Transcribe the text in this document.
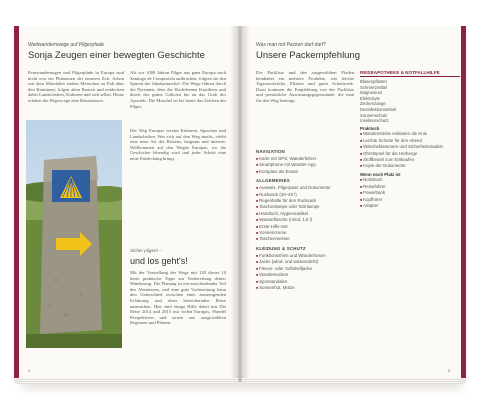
Weitwandernwege auf Pilgerpfade
Sonja Zeugen einer bewegten Geschichte
Fernwanderungen und Pilgerpfade in Europa sind nicht erst ein Phänomen der neueren Zeit. Schon seit dem Mittelalter ziehen Menschen zu Fuß über den Kontinent, folgen alten Routen und entdecken dabei Landschaften, Kulturen und sich selbst. Heute erleben die Pilgerwege eine Renaissance.
Als vor 1000 Jahren Pilger aus ganz Europa nach Santiago de Compostela aufbrachen, folgten sie den Spuren der Jakobsmuschel. Die Wege führen durch die Pyrenäen, über die Hochebenen Kastiliens und durch das grüne Galicien bis an das Grab des Apostels. Die Muschel ist bis heute das Zeichen der Pilger.
Der Weg Europas vereint Kulturen, Sprachen und Landschaften. Wer sich auf den Weg macht, erlebt eine neue Art des Reisens, langsam und intensiv. Willkommen auf den Wegen Europas, wo die Geschichte lebendig wird und jeder Schritt eine neue Entdeckung bringt.
Sicher pilgern –
und los geht's!
Mit der Vorstellung der Wege mit 120 dieser 10 beste praktische Tipps zur Vorbereitung deiner Wanderung. Die Planung ist ein entscheidender Teil des Abenteuers, und eine gute Vorbereitung kann den Unterschied zwischen einer anstrengenden Erfahrung und einer bereichernden Reise ausmachen. Hier sind einige Hilfe dabei mit Die Reise 2014 und 2015 mit vielen Europas, Wandel Perspektiven und neuen aus ausgewählten Regionen und Plätzen.
4
Was man mit Packen darf darf?
Unsere Packempfehlung
Die Packliste und den ausgewählten Pfaden beinhaltet ein mehrere Produkte, wie leichte Tagesrucksäcke, Pflaster und gutes Schuhwerk. Dazu kommen die Empfehlung von der Packliste und persönliche Ausrüstungsgegenstände, die man für den Weg benötigt.
NAVIGATION
■ Karte mit GPS, Wanderführer
■ Smartphone mit Wander-App
■ Kompass als Ersatz
ALLGEMEINES
■ Ausweis, Pilgerpass und Dokumente
■ Rucksack (30–40 l)
■ Regenhülle für den Rucksack
■ Taschenlampe oder Stirnlampe
■ Handtuch, Hygieneartikel
■ Wasserflasche (mind. 1,5 l)
■ Erste-Hilfe-Set
■ Sonnencreme
■ Taschenmesser
KLEIDUNG & SCHUTZ
■ Funktionsshirts und Wanderhosen
■ Jacke (wind- und wasserdicht)
■ Fleece- oder Softshelljacke
■ Wandersocken
■ Sportsandalen
■ Sonnenhut, Mütze
REISEAPOTHEKE & NOTFALLHILFE
Blasenpflaster
Schmerzmittel
Magnesium
Elektrolyte
Zeckenzange
Desinfektionsmittel
Sonnenschutz
Insektenschutz
Praktisch
■ Wanderstöcke entlasten die Knie
■ Leichte Schuhe für den Abend
■ Wäscheklammern und Sicherheitsnadeln
■ Ohrstöpsel für die Herberge
■ Stoffbeutel zum Einkaufen
■ Kopie der Dokumente
Wenn noch Platz ist
■ Notizbuch
■ Reiseführer
■ Powerbank
■ Kopfhörer
■ Adapter
5
